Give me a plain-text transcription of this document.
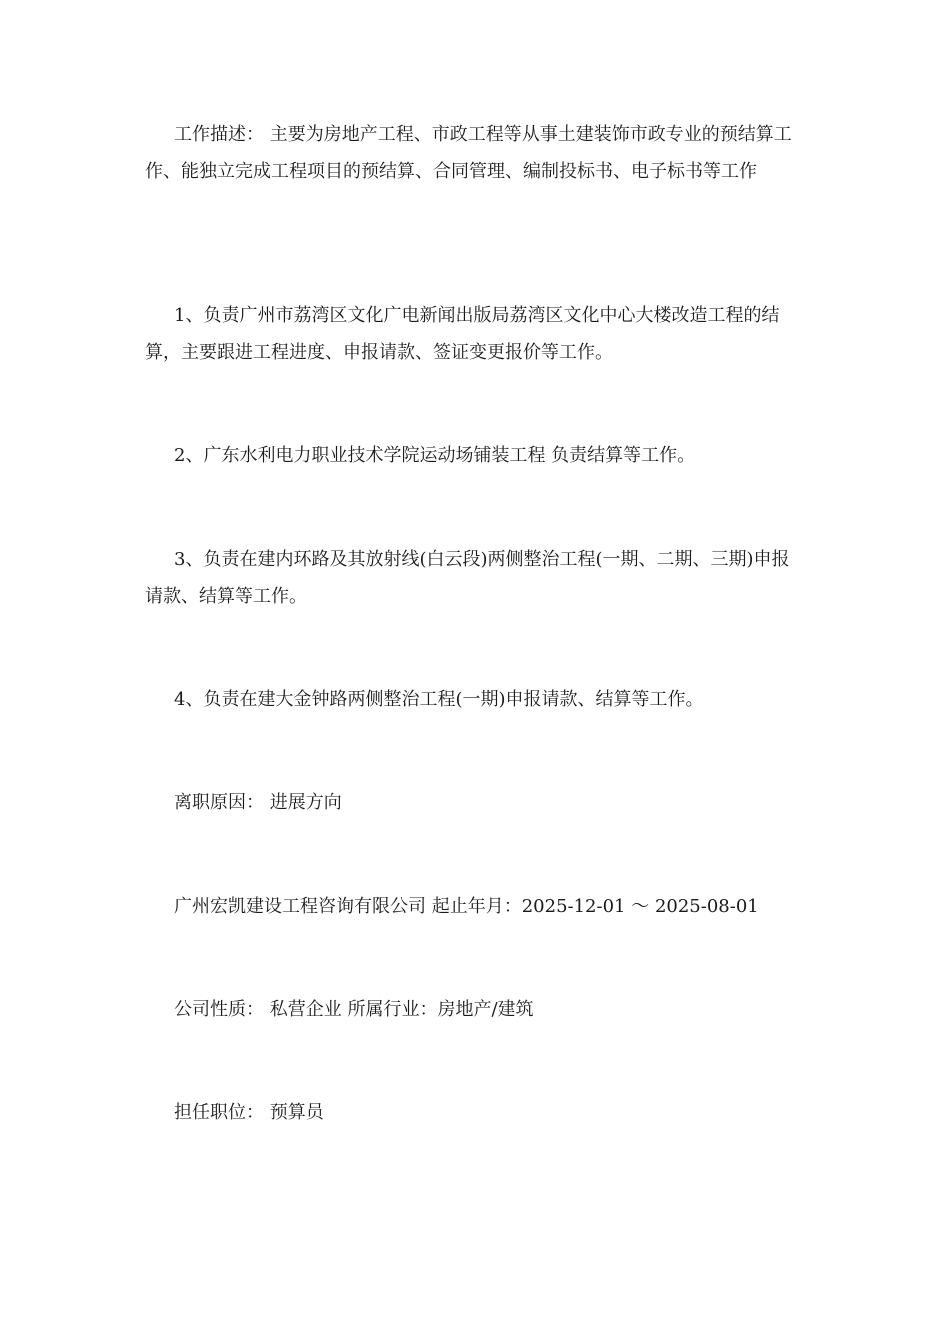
工作描述： 主要为房地产工程、市政工程等从事土建装饰市政专业的预结算工作、能独立完成工程项目的预结算、合同管理、编制投标书、电子标书等工作

1、负责广州市荔湾区文化广电新闻出版局荔湾区文化中心大楼改造工程的结算，主要跟进工程进度、申报请款、签证变更报价等工作。

2、广东水利电力职业技术学院运动场铺装工程 负责结算等工作。

3、负责在建内环路及其放射线(白云段)两侧整治工程(一期、二期、三期)申报请款、结算等工作。

4、负责在建大金钟路两侧整治工程(一期)申报请款、结算等工作。

离职原因： 进展方向

广州宏凯建设工程咨询有限公司 起止年月：2025-12-01 ～ 2025-08-01

公司性质： 私营企业 所属行业：房地产/建筑

担任职位： 预算员
